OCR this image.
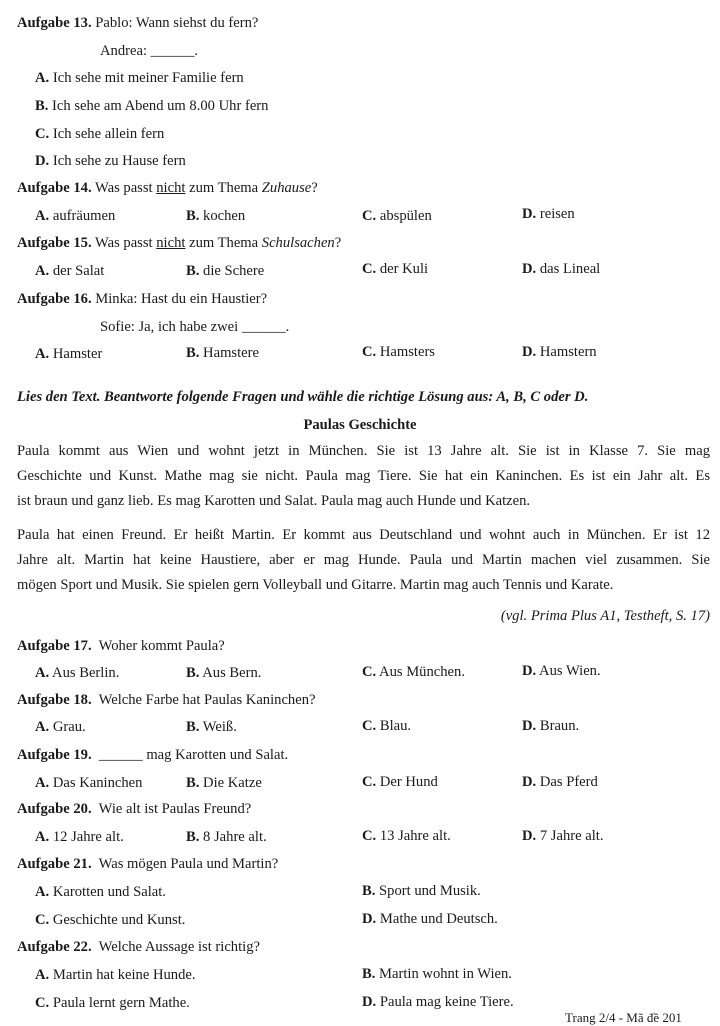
Aufgabe 13. Pablo: Wann siehst du fern?
Andrea: ______.
A. Ich sehe mit meiner Familie fern
B. Ich sehe am Abend um 8.00 Uhr fern
C. Ich sehe allein fern
D. Ich sehe zu Hause fern
Aufgabe 14. Was passt nicht zum Thema Zuhause?
A. aufräumen	B. kochen	C. abspülen	D. reisen
Aufgabe 15. Was passt nicht zum Thema Schulsachen?
A. der Salat	B. die Schere	C. der Kuli	D. das Lineal
Aufgabe 16. Minka: Hast du ein Haustier?
Sofie: Ja, ich habe zwei ______.
A. Hamster	B. Hamstere	C. Hamsters	D. Hamstern
Lies den Text. Beantworte folgende Fragen und wähle die richtige Lösung aus: A, B, C oder D.
Paulas Geschichte
Paula kommt aus Wien und wohnt jetzt in München. Sie ist 13 Jahre alt. Sie ist in Klasse 7. Sie mag
Geschichte und Kunst. Mathe mag sie nicht. Paula mag Tiere. Sie hat ein Kaninchen. Es ist ein Jahr alt. Es
ist braun und ganz lieb. Es mag Karotten und Salat. Paula mag auch Hunde und Katzen.
Paula hat einen Freund. Er heißt Martin. Er kommt aus Deutschland und wohnt auch in München. Er ist 12
Jahre alt. Martin hat keine Haustiere, aber er mag Hunde. Paula und Martin machen viel zusammen. Sie
mögen Sport und Musik. Sie spielen gern Volleyball und Gitarre. Martin mag auch Tennis und Karate.
(vgl. Prima Plus A1, Testheft, S. 17)
Aufgabe 17. Woher kommt Paula?
A. Aus Berlin.	B. Aus Bern.	C. Aus München.	D. Aus Wien.
Aufgabe 18. Welche Farbe hat Paulas Kaninchen?
A. Grau.	B. Weiß.	C. Blau.	D. Braun.
Aufgabe 19. ______ mag Karotten und Salat.
A. Das Kaninchen	B. Die Katze	C. Der Hund	D. Das Pferd
Aufgabe 20. Wie alt ist Paulas Freund?
A. 12 Jahre alt.	B. 8 Jahre alt.	C. 13 Jahre alt.	D. 7 Jahre alt.
Aufgabe 21. Was mögen Paula und Martin?
A. Karotten und Salat.	B. Sport und Musik.
C. Geschichte und Kunst.	D. Mathe und Deutsch.
Aufgabe 22. Welche Aussage ist richtig?
A. Martin hat keine Hunde.	B. Martin wohnt in Wien.
C. Paula lernt gern Mathe.	D. Paula mag keine Tiere.
Trang 2/4 - Mã đề 201
